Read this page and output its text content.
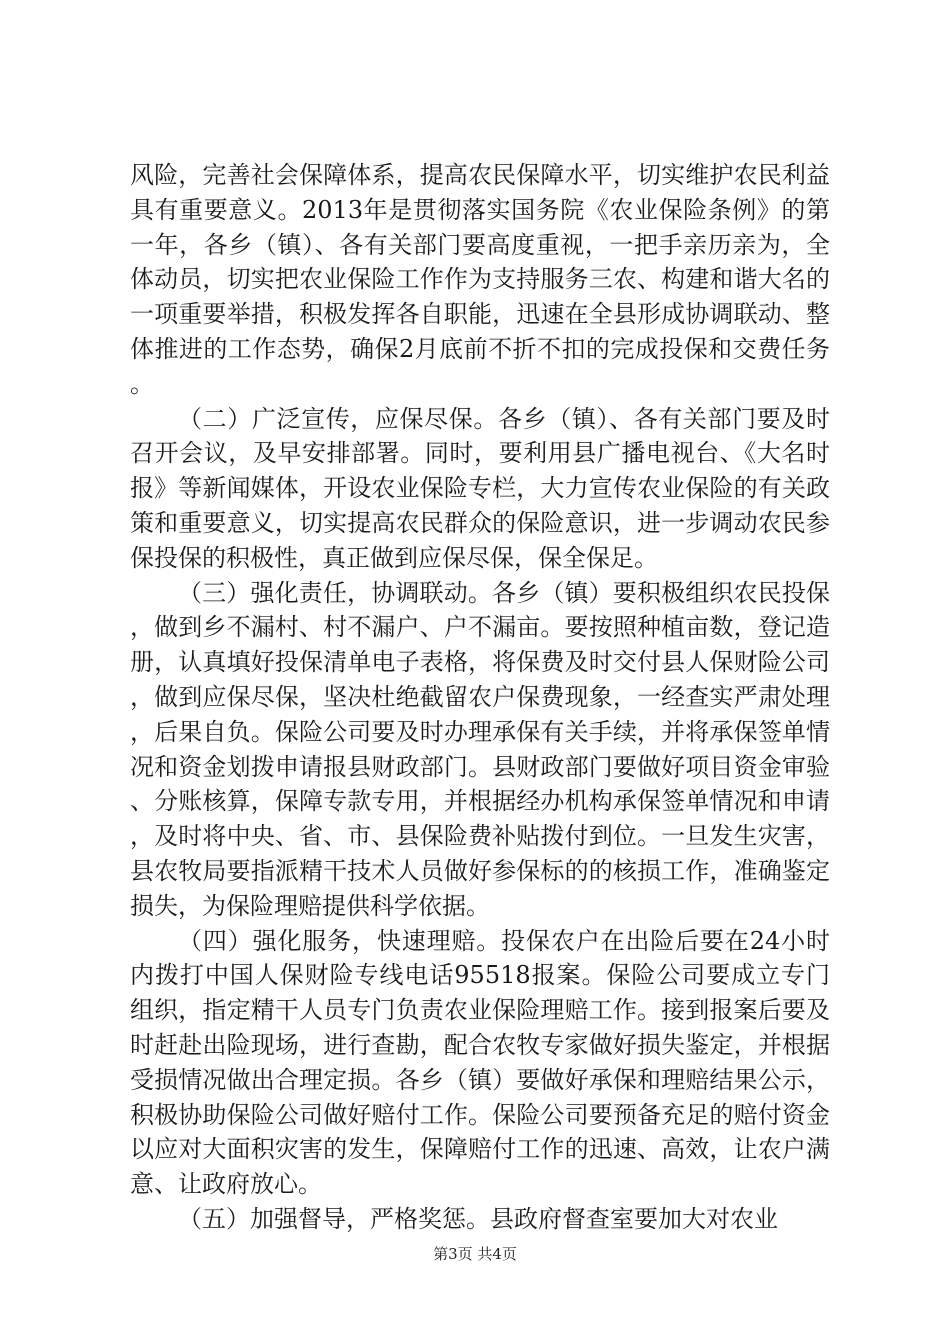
风险，完善社会保障体系，提高农民保障水平，切实维护农民利益具有重要意义。2013年是贯彻落实国务院《农业保险条例》的第一年，各乡（镇）、各有关部门要高度重视，一把手亲历亲为，全体动员，切实把农业保险工作作为支持服务三农、构建和谐大名的一项重要举措，积极发挥各自职能，迅速在全县形成协调联动、整体推进的工作态势，确保2月底前不折不扣的完成投保和交费任务。

（二）广泛宣传，应保尽保。各乡（镇）、各有关部门要及时召开会议，及早安排部署。同时，要利用县广播电视台、《大名时报》等新闻媒体，开设农业保险专栏，大力宣传农业保险的有关政策和重要意义，切实提高农民群众的保险意识，进一步调动农民参保投保的积极性，真正做到应保尽保，保全保足。

（三）强化责任，协调联动。各乡（镇）要积极组织农民投保，做到乡不漏村、村不漏户、户不漏亩。要按照种植亩数，登记造册，认真填好投保清单电子表格，将保费及时交付县人保财险公司，做到应保尽保，坚决杜绝截留农户保费现象，一经查实严肃处理，后果自负。保险公司要及时办理承保有关手续，并将承保签单情况和资金划拨申请报县财政部门。县财政部门要做好项目资金审验、分账核算，保障专款专用，并根据经办机构承保签单情况和申请，及时将中央、省、市、县保险费补贴拨付到位。一旦发生灾害，县农牧局要指派精干技术人员做好参保标的的核损工作，准确鉴定损失，为保险理赔提供科学依据。

（四）强化服务，快速理赔。投保农户在出险后要在24小时内拨打中国人保财险专线电话95518报案。保险公司要成立专门组织，指定精干人员专门负责农业保险理赔工作。接到报案后要及时赶赴出险现场，进行查勘，配合农牧专家做好损失鉴定，并根据受损情况做出合理定损。各乡（镇）要做好承保和理赔结果公示，积极协助保险公司做好赔付工作。保险公司要预备充足的赔付资金以应对大面积灾害的发生，保障赔付工作的迅速、高效，让农户满意、让政府放心。

（五）加强督导，严格奖惩。县政府督查室要加大对农业

第3页 共4页
